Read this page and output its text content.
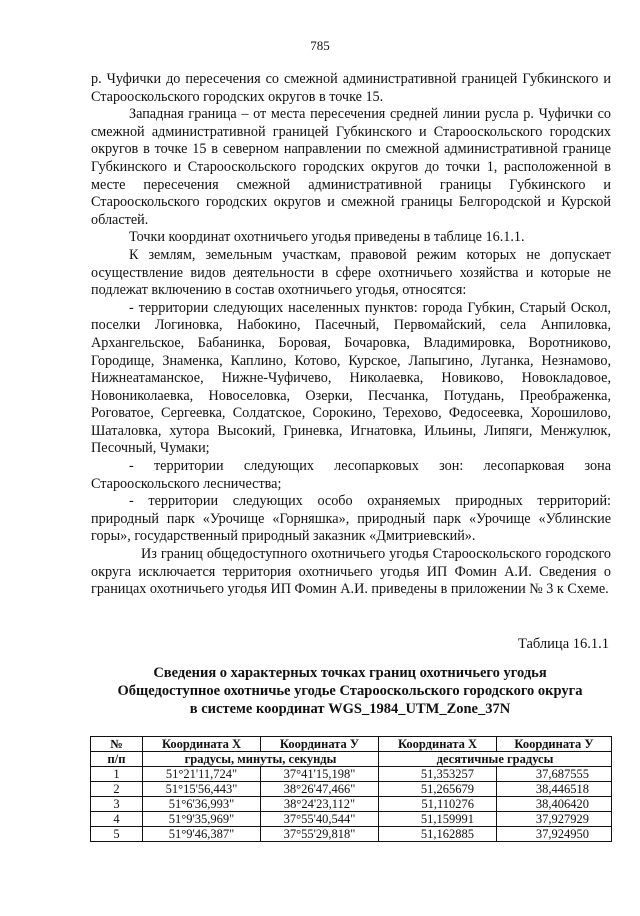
785

р. Чуфички до пересечения со смежной административной границей Губкинского и Старооскольского городских округов в точке 15.

Западная граница – от места пересечения средней линии русла р. Чуфички со смежной административной границей Губкинского и Старооскольского городских округов в точке 15 в северном направлении по смежной административной границе Губкинского и Старооскольского городских округов до точки 1, расположенной в месте пересечения смежной административной границы Губкинского и Старооскольского городских округов и смежной границы Белгородской и Курской областей.

Точки координат охотничьего угодья приведены в таблице 16.1.1.

К землям, земельным участкам, правовой режим которых не допускает осуществление видов деятельности в сфере охотничьего хозяйства и которые не подлежат включению в состав охотничьего угодья, относятся:

- территории следующих населенных пунктов: города Губкин, Старый Оскол, поселки Логиновка, Набокино, Пасечный, Первомайский, села Анпиловка, Архангельское, Бабанинка, Боровая, Бочаровка, Владимировка, Воротниково, Городище, Знаменка, Каплино, Котово, Курское, Лапыгино, Луганка, Незнамово, Нижнеатаманское, Нижне-Чуфичево, Николаевка, Новиково, Новокладовое, Новониколаевка, Новоселовка, Озерки, Песчанка, Потудань, Преображенка, Роговатое, Сергеевка, Солдатское, Сорокино, Терехово, Федосеевка, Хорошилово, Шаталовка, хутора Высокий, Гриневка, Игнатовка, Ильины, Липяги, Менжулюк, Песочный, Чумаки;

- территории следующих лесопарковых зон: лесопарковая зона Старооскольского лесничества;

- территории следующих особо охраняемых природных территорий: природный парк «Урочище «Горняшка», природный парк «Урочище «Ублинские горы», государственный природный заказник «Дмитриевский».

Из границ общедоступного охотничьего угодья Старооскольского городского округа исключается территория охотничьего угодья ИП Фомин А.И. Сведения о границах охотничьего угодья ИП Фомин А.И. приведены в приложении № 3 к Схеме.

Таблица 16.1.1
Сведения о характерных точках границ охотничьего угодья
Общедоступное охотничье угодье Старооскольского городского округа
в системе координат WGS_1984_UTM_Zone_37N
№	Координата X	Координата У	Координата X	Координата У
п/п	градусы, минуты, секунды		десятичные градусы	
1	51°21'11,724"	37°41'15,198"	51,353257	37,687555
2	51°15'56,443"	38°26'47,466"	51,265679	38,446518
3	51°6'36,993"	38°24'23,112"	51,110276	38,406420
4	51°9'35,969"	37°55'40,544"	51,159991	37,927929
5	51°9'46,387"	37°55'29,818"	51,162885	37,924950
